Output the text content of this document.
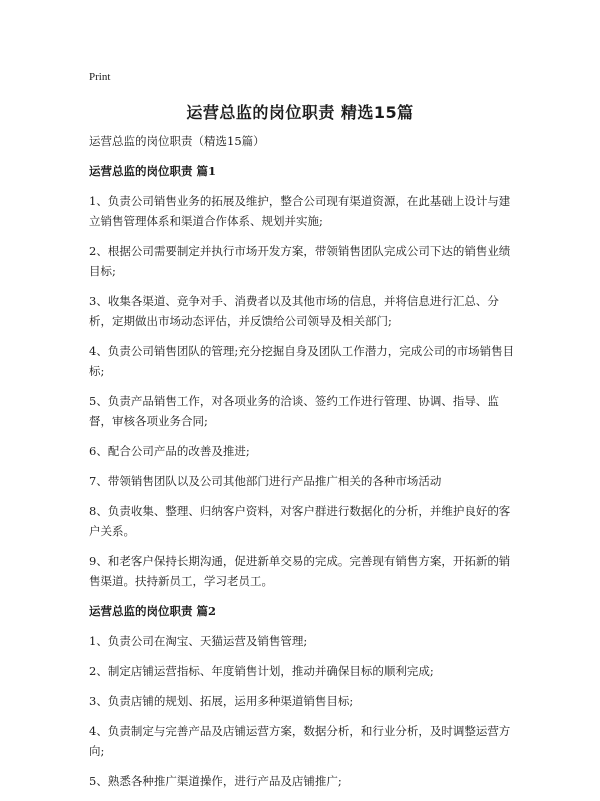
Print
运营总监的岗位职责 精选15篇

运营总监的岗位职责（精选15篇）

运营总监的岗位职责 篇1

1、负责公司销售业务的拓展及维护，整合公司现有渠道资源，在此基础上设计与建立销售管理体系和渠道合作体系、规划并实施;

2、根据公司需要制定并执行市场开发方案，带领销售团队完成公司下达的销售业绩目标;

3、收集各渠道、竞争对手、消费者以及其他市场的信息，并将信息进行汇总、分析，定期做出市场动态评估，并反馈给公司领导及相关部门;

4、负责公司销售团队的管理;充分挖掘自身及团队工作潜力，完成公司的市场销售目标;

5、负责产品销售工作，对各项业务的洽谈、签约工作进行管理、协调、指导、监督，审核各项业务合同;

6、配合公司产品的改善及推进;

7、带领销售团队以及公司其他部门进行产品推广相关的各种市场活动

8、负责收集、整理、归纳客户资料，对客户群进行数据化的分析，并维护良好的客户关系。

9、和老客户保持长期沟通，促进新单交易的完成。完善现有销售方案，开拓新的销售渠道。扶持新员工，学习老员工。

运营总监的岗位职责 篇2

1、负责公司在淘宝、天猫运营及销售管理;

2、制定店铺运营指标、年度销售计划，推动并确保目标的顺利完成;

3、负责店铺的规划、拓展，运用多种渠道销售目标;

4、负责制定与完善产品及店铺运营方案，数据分析，和行业分析，及时调整运营方向;

5、熟悉各种推广渠道操作，进行产品及店铺推广;
